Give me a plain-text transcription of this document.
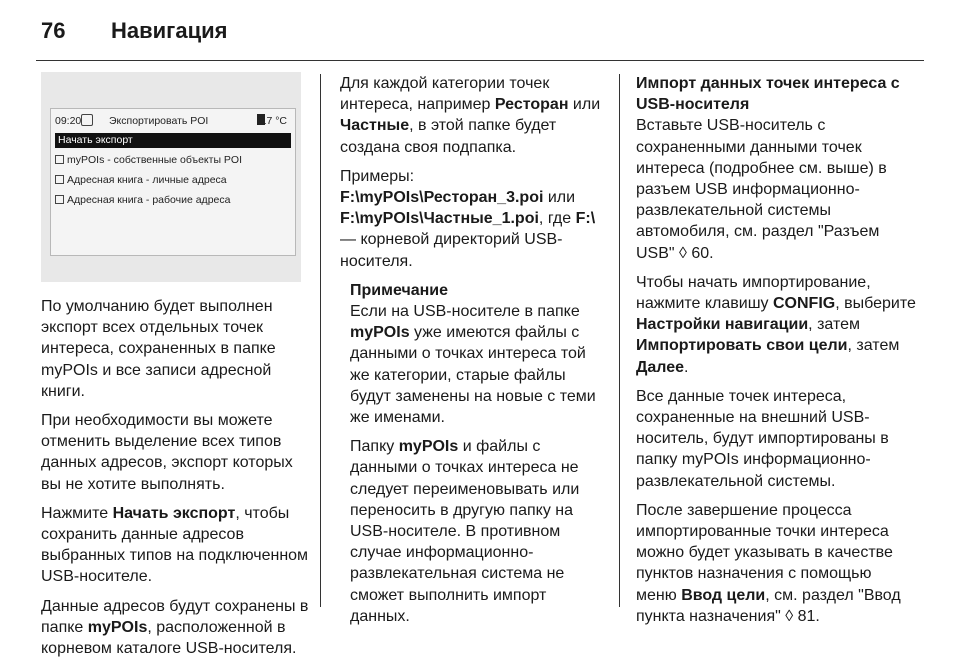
76 Навигация
09:20	Экспортировать POI	17 °C
Начать экспорт
myPOIs - собственные объекты POI
Адресная книга - личные адреса
Адресная книга - рабочие адреса

По умолчанию будет выполнен экспорт всех отдельных точек интереса, сохраненных в папке myPOIs и все записи адресной книги.

При необходимости вы можете отменить выделение всех типов данных адресов, экспорт которых вы не хотите выполнять.

Нажмите Начать экспорт, чтобы сохранить данные адресов выбранных типов на подключенном USB-носителе.

Данные адресов будут сохранены в папке myPOIs, расположенной в корневом каталоге USB-носителя.

Для каждой категории точек интереса, например Ресторан или Частные, в этой папке будет создана своя подпапка.

Примеры:
F:\myPOIs\Ресторан_3.poi или
F:\myPOIs\Частные_1.poi, где F:\ — корневой директорий USB-носителя.

Примечание

Если на USB-носителе в папке myPOIs уже имеются файлы с данными о точках интереса той же категории, старые файлы будут заменены на новые с теми же именами.

Папку myPOIs и файлы с данными о точках интереса не следует переименовывать или переносить в другую папку на USB-носителе. В противном случае информационно-развлекательная система не сможет выполнить импорт данных.

Импорт данных точек интереса с USB-носителя

Вставьте USB-носитель с сохраненными данными точек интереса (подробнее см. выше) в разъем USB информационно-развлекательной системы автомобиля, см. раздел "Разъем USB" ◊ 60.

Чтобы начать импортирование, нажмите клавишу CONFIG, выберите Настройки навигации, затем Импортировать свои цели, затем Далее.

Все данные точек интереса, сохраненные на внешний USB-носитель, будут импортированы в папку myPOIs информационно-развлекательной системы.

После завершение процесса импортированные точки интереса можно будет указывать в качестве пунктов назначения с помощью меню Ввод цели, см. раздел "Ввод пункта назначения" ◊ 81.
